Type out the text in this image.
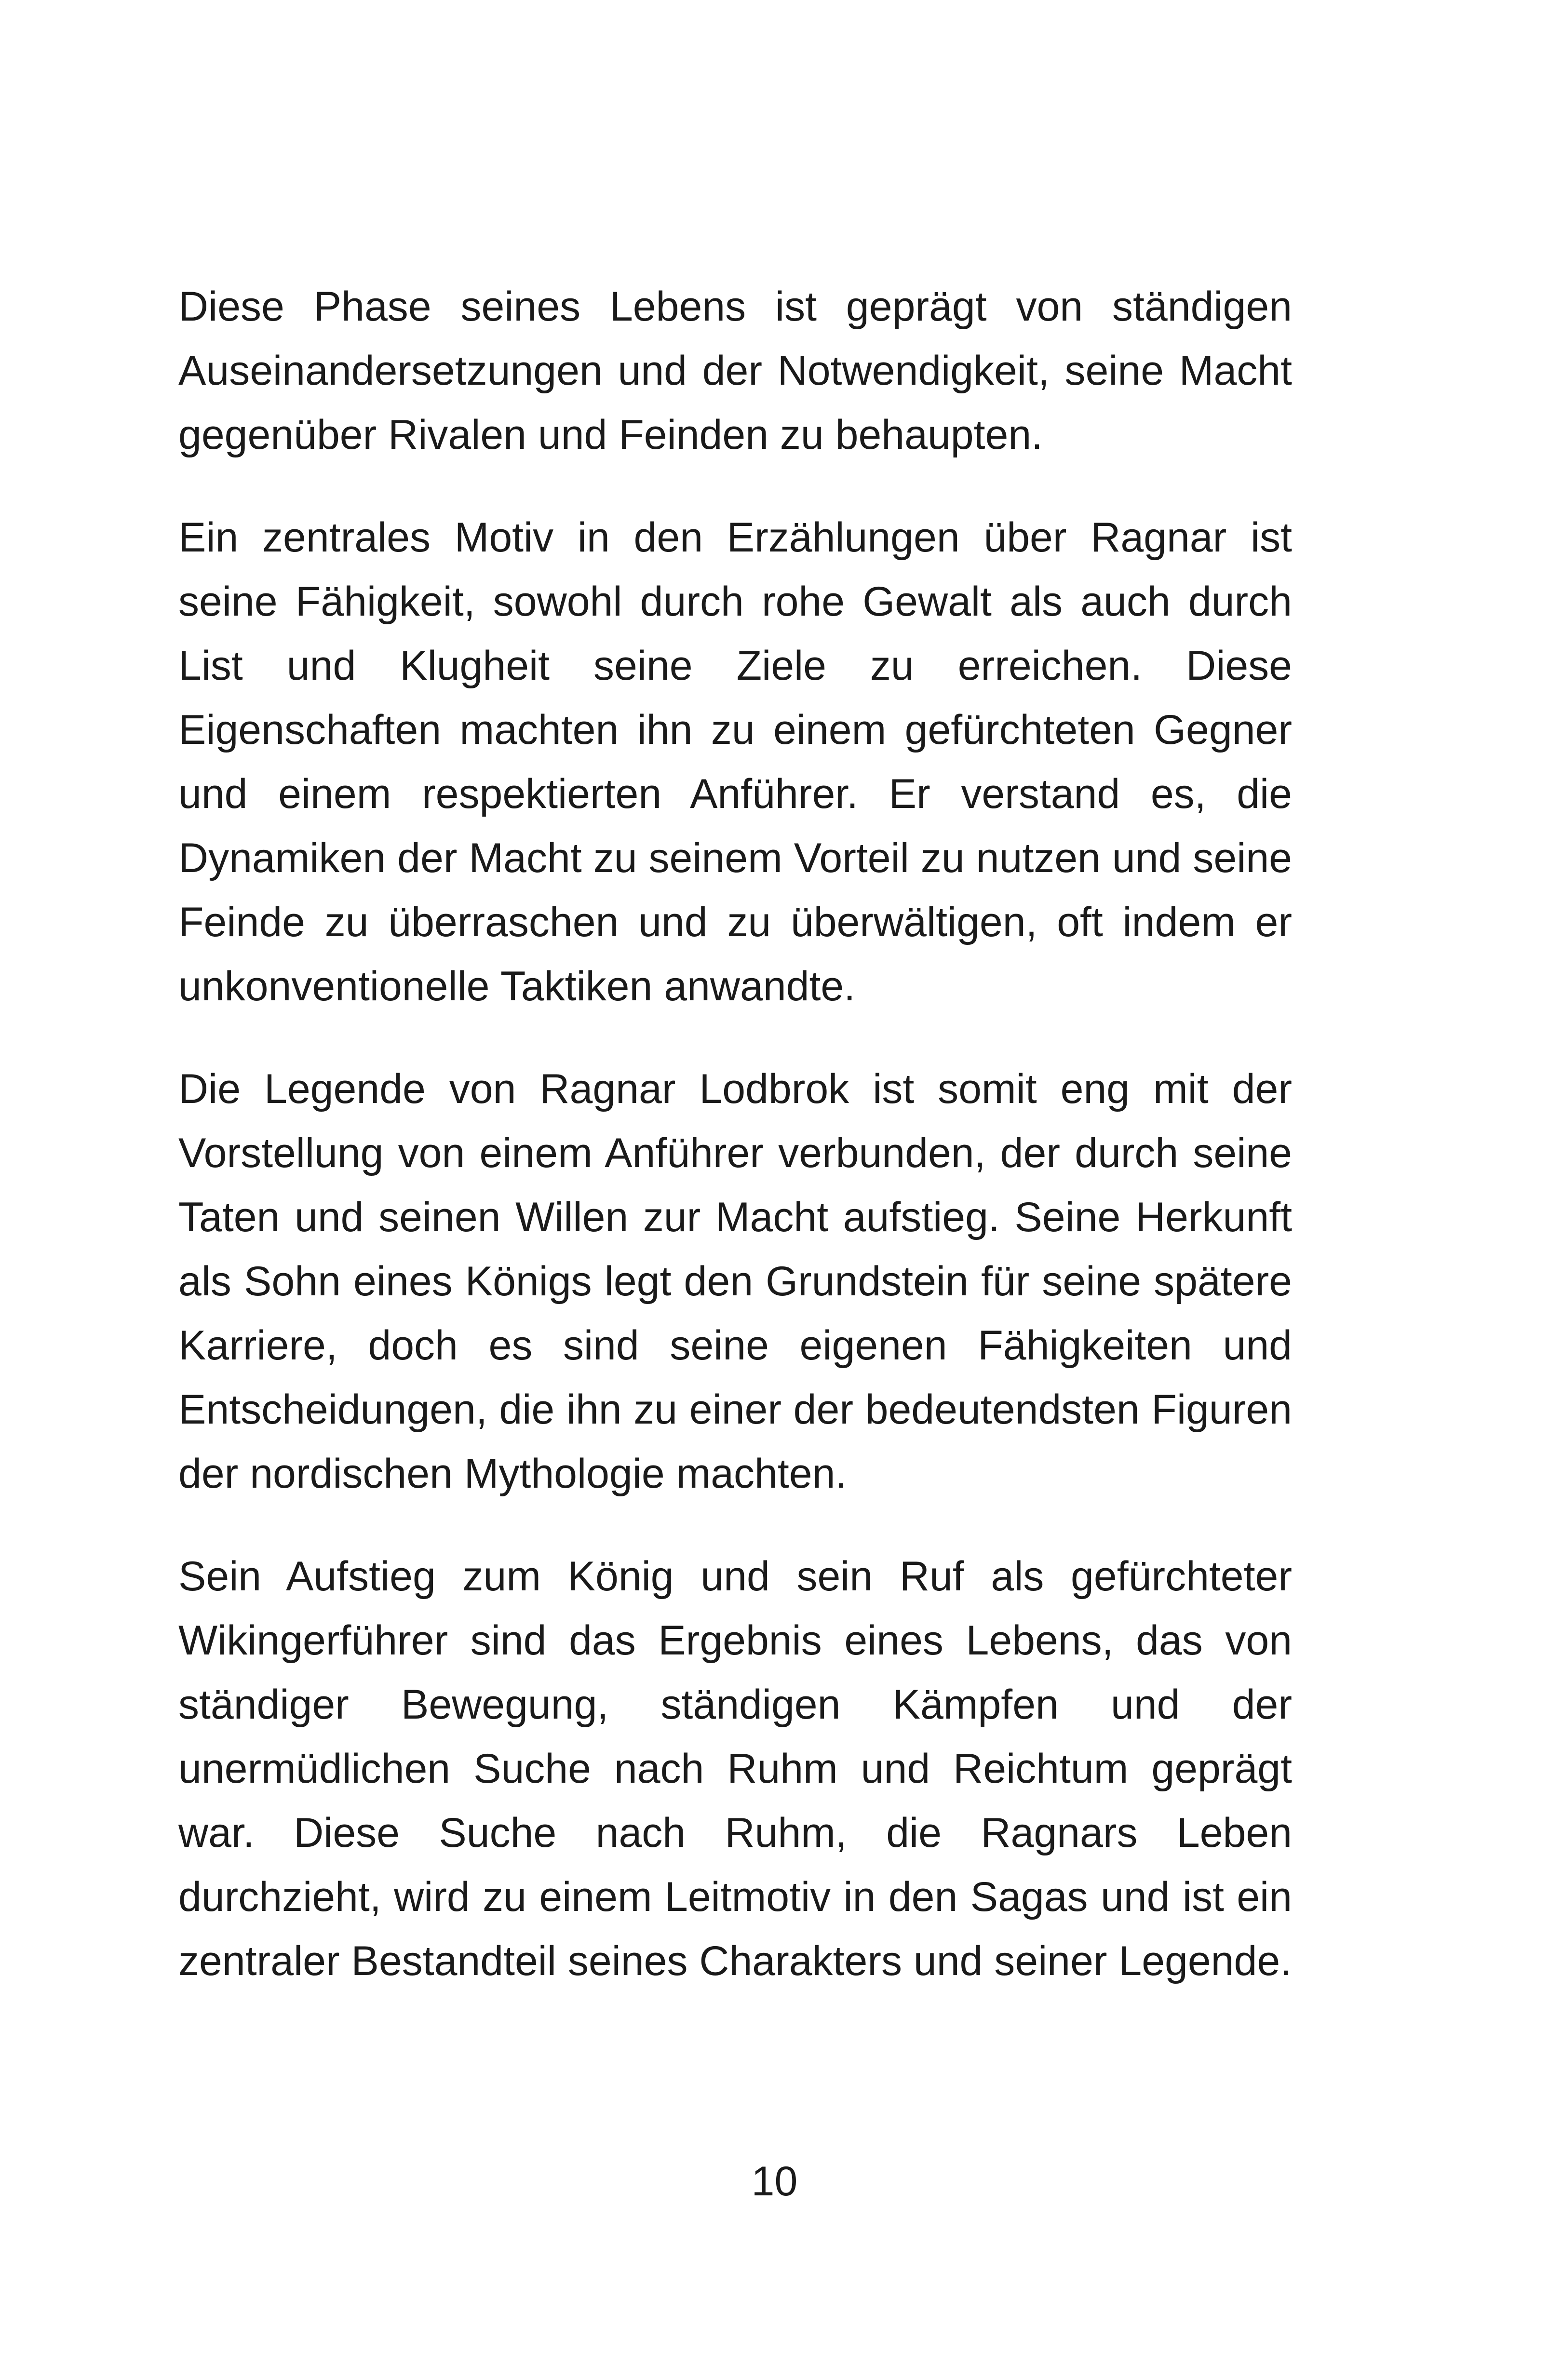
Diese Phase seines Lebens ist geprägt von ständigen Auseinandersetzungen und der Notwendigkeit, seine Macht gegenüber Rivalen und Feinden zu behaupten.

Ein zentrales Motiv in den Erzählungen über Ragnar ist seine Fähigkeit, sowohl durch rohe Gewalt als auch durch List und Klugheit seine Ziele zu erreichen. Diese Eigenschaften machten ihn zu einem gefürchteten Gegner und einem respektierten Anführer. Er verstand es, die Dynamiken der Macht zu seinem Vorteil zu nutzen und seine Feinde zu überraschen und zu überwältigen, oft indem er unkonventionelle Taktiken anwandte.

Die Legende von Ragnar Lodbrok ist somit eng mit der Vorstellung von einem Anführer verbunden, der durch seine Taten und seinen Willen zur Macht aufstieg. Seine Herkunft als Sohn eines Königs legt den Grundstein für seine spätere Karriere, doch es sind seine eigenen Fähigkeiten und Entscheidungen, die ihn zu einer der bedeutendsten Figuren der nordischen Mythologie machten.

Sein Aufstieg zum König und sein Ruf als gefürchteter Wikingerführer sind das Ergebnis eines Lebens, das von ständiger Bewegung, ständigen Kämpfen und der unermüdlichen Suche nach Ruhm und Reichtum geprägt war. Diese Suche nach Ruhm, die Ragnars Leben durchzieht, wird zu einem Leitmotiv in den Sagas und ist ein zentraler Bestandteil seines Charakters und seiner Legende.

10
